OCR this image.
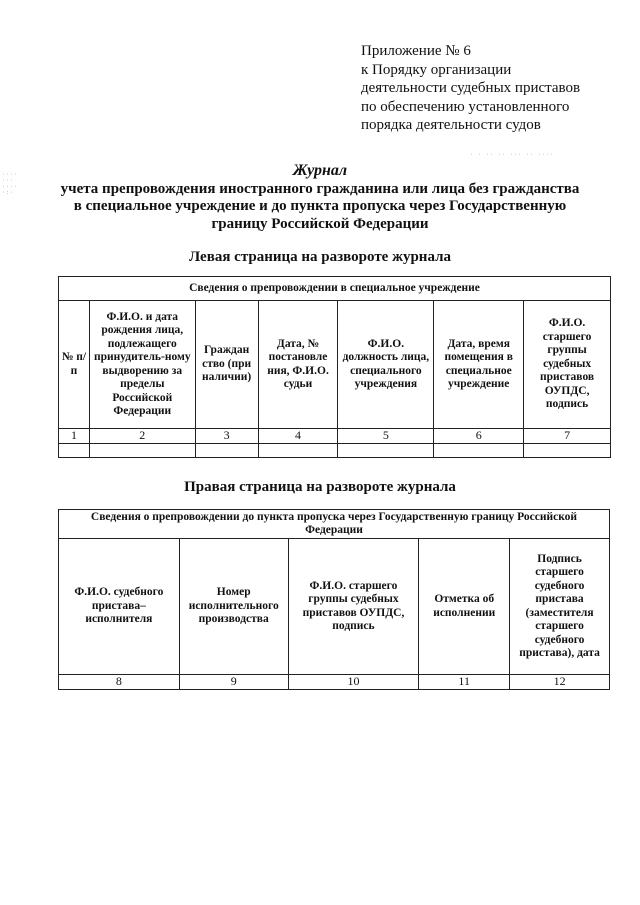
Приложение № 6
к Порядку организации
деятельности судебных приставов
по обеспечению установленного
порядка деятельности судов
····
···
····
·:·
· · ·· ·· ··· ·· ····
Журнал
учета препровождения иностранного гражданина или лица без гражданства
в специальное учреждение и до пункта пропуска через Государственную
границу Российской Федерации
Левая страница на развороте журнала
Сведения о препровождении в специальное учреждение						
№ п/п	Ф.И.О. и дата рождения лица, подлежащего принудитель-ному выдворению за пределы Российской Федерации	Граждан ство (при наличии)	Дата, № постановле ния, Ф.И.О. судьи	Ф.И.О. должность лица, специального учреждения	Дата, время помещения в специальное учреждение	Ф.И.О. старшего группы судебных приставов ОУПДС, подпись
1	2	3	4	5	6	7

Правая страница на развороте журнала
Сведения о препровождении до пункта пропуска через Государственную границу Российской Федерации				
Ф.И.О. судебного пристава– исполнителя	Номер исполнительного производства	Ф.И.О. старшего группы судебных приставов ОУПДС, подпись	Отметка об исполнении	Подпись старшего судебного пристава (заместителя старшего судебного пристава), дата
8	9	10	11	12
